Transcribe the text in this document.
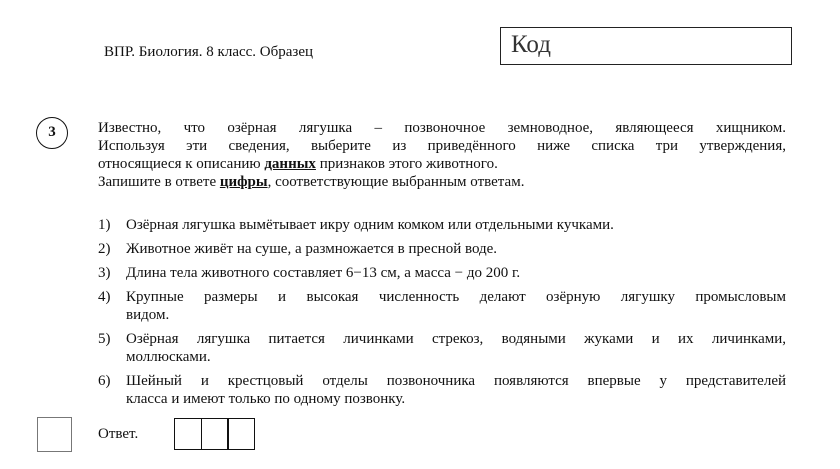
ВПР. Биология. 8 класс. Образец	Код
3	Известно, что озёрная лягушка – позвоночное земноводное, являющееся хищником.
Используя эти сведения, выберите из приведённого ниже списка три утверждения,
относящиеся к описанию данных признаков этого животного.
Запишите в ответе цифры, соответствующие выбранным ответам.
1) Озёрная лягушка вымётывает икру одним комком или отдельными кучками.
2) Животное живёт на суше, а размножается в пресной воде.
3) Длина тела животного составляет 6−13 см, а масса − до 200 г.
4) Крупные размеры и высокая численность делают озёрную лягушку промысловым
видом.
5) Озёрная лягушка питается личинками стрекоз, водяными жуками и их личинками,
моллюсками.
6) Шейный и крестцовый отделы позвоночника появляются впервые у представителей
класса и имеют только по одному позвонку.
Ответ.
